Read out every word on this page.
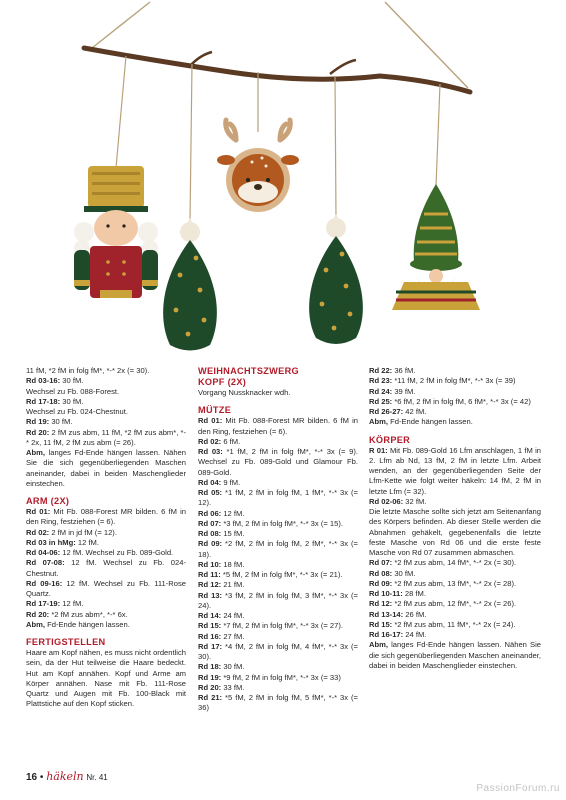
11 fM, *2 fM in folg fM*, *-* 2x (= 30).
Rd 03-16: 30 fM.
Wechsel zu Fb. 088-Forest.
Rd 17-18: 30 fM.
Wechsel zu Fb. 024-Chestnut.
Rd 19: 30 fM.
Rd 20: 2 fM zus abm, 11 fM, *2 fM zus abm*, *-* 2x, 11 fM, 2 fM zus abm (= 26).
Abm, langes Fd-Ende hängen lassen. Nähen Sie die sich gegenüberliegenden Maschen aneinander, dabei in beiden Maschenglieder einstechen.

ARM (2X)

Rd 01: Mit Fb. 088-Forest MR bilden. 6 fM in den Ring, festziehen (= 6).
Rd 02: 2 fM in jd fM (= 12).
Rd 03 in hMg: 12 fM.
Rd 04-06: 12 fM. Wechsel zu Fb. 089-Gold.
Rd 07-08: 12 fM. Wechsel zu Fb. 024-Chestnut.
Rd 09-16: 12 fM. Wechsel zu Fb. 111-Rose Quartz.
Rd 17-19: 12 fM.
Rd 20: *2 fM zus abm*, *-* 6x.
Abm, Fd-Ende hängen lassen.

FERTIGSTELLEN

Haare am Kopf nähen, es muss nicht ordentlich sein, da der Hut teilweise die Haare bedeckt. Hut am Kopf annähen. Kopf und Arme am Körper annähen. Nase mit Fb. 111-Rose Quartz und Augen mit Fb. 100-Black mit Plattstiche auf den Kopf sticken.

WEIHNACHTSZWERG
KOPF (2X)

Vorgang Nussknacker wdh.

MÜTZE

Rd 01: Mit Fb. 088-Forest MR bilden. 6 fM in den Ring, festziehen (= 6).
Rd 02: 6 fM.
Rd 03: *1 fM, 2 fM in folg fM*, *-* 3x (= 9). Wechsel zu Fb. 089-Gold und Glamour Fb. 089-Gold.
Rd 04: 9 fM.
Rd 05: *1 fM, 2 fM in folg fM, 1 fM*, *-* 3x (= 12).
Rd 06: 12 fM.
Rd 07: *3 fM, 2 fM in folg fM*, *-* 3x (= 15).
Rd 08: 15 fM.
Rd 09: *2 fM, 2 fM in folg fM, 2 fM*, *-* 3x (= 18).
Rd 10: 18 fM.
Rd 11: *5 fM, 2 fM in folg fM*, *-* 3x (= 21).
Rd 12: 21 fM.
Rd 13: *3 fM, 2 fM in folg fM, 3 fM*, *-* 3x (= 24).
Rd 14: 24 fM.
Rd 15: *7 fM, 2 fM in folg fM*, *-* 3x (= 27).
Rd 16: 27 fM.
Rd 17: *4 fM, 2 fM in folg fM, 4 fM*, *-* 3x (= 30).
Rd 18: 30 fM.
Rd 19: *9 fM, 2 fM in folg fM*, *-* 3x (= 33)
Rd 20: 33 fM.
Rd 21: *5 fM, 2 fM in folg fM, 5 fM*, *-* 3x (= 36)

Rd 22: 36 fM.
Rd 23: *11 fM, 2 fM in folg fM*, *-* 3x (= 39)
Rd 24: 39 fM.
Rd 25: *6 fM, 2 fM in folg fM, 6 fM*, *-* 3x (= 42)
Rd 26-27: 42 fM.
Abm, Fd-Ende hängen lassen.

KÖRPER

R 01: Mit Fb. 089-Gold 16 Lfm anschlagen, 1 fM in 2. Lfm ab Nd, 13 fM, 2 fM in letzte Lfm. Arbeit wenden, an der gegenüberliegenden Seite der Lfm-Kette wie folgt weiter häkeln: 14 fM, 2 fM in letzte Lfm (= 32).
Rd 02-06: 32 fM.
Die letzte Masche sollte sich jetzt am Seitenanfang des Körpers befinden. Ab dieser Stelle werden die Abnahmen gehäkelt, gegebenenfalls die letzte feste Masche von Rd 06 und die erste feste Masche von Rd 07 zusammen abmaschen.
Rd 07: *2 fM zus abm, 14 fM*, *-* 2x (= 30).
Rd 08: 30 fM.
Rd 09: *2 fM zus abm, 13 fM*, *-* 2x (= 28).
Rd 10-11: 28 fM.
Rd 12: *2 fM zus abm, 12 fM*, *-* 2x (= 26).
Rd 13-14: 26 fM.
Rd 15: *2 fM zus abm, 11 fM*, *-* 2x (= 24).
Rd 16-17: 24 fM.
Abm, langes Fd-Ende hängen lassen. Nähen Sie die sich gegenüberliegenden Maschen aneinander, dabei in beiden Maschenglieder einstechen.

16 • häkeln Nr. 41
PassionForum.ru
